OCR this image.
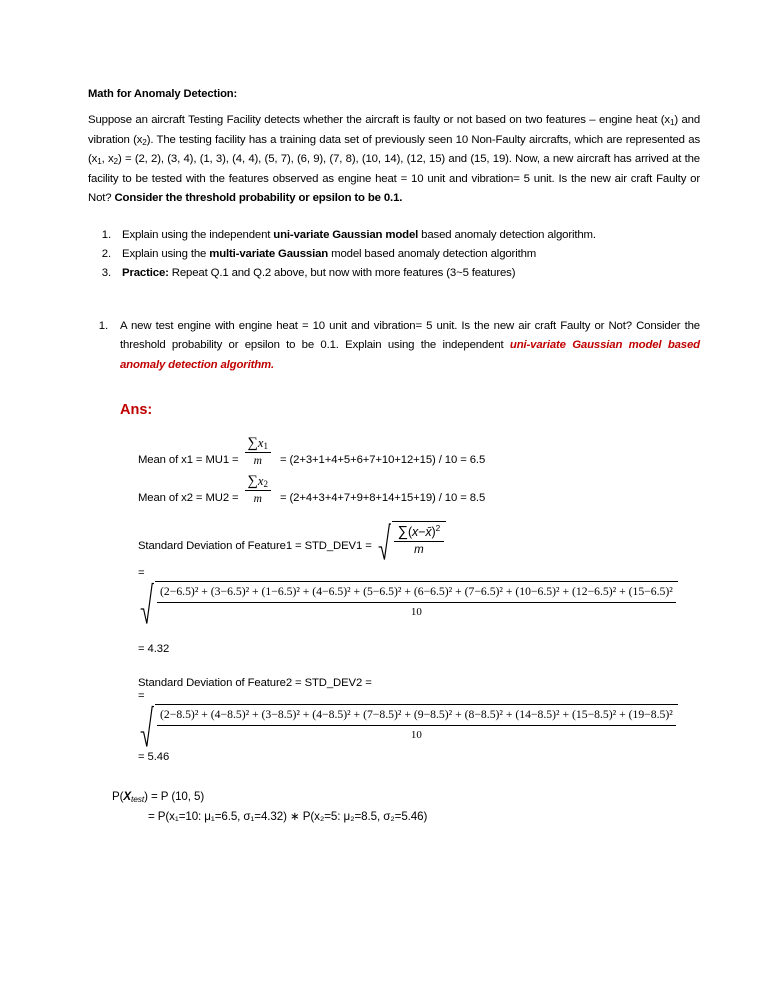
Math for Anomaly Detection:

Suppose an aircraft Testing Facility detects whether the aircraft is faulty or not based on two features – engine heat $(x_1)$ and vibration $(x_2)$. The testing facility has a training data set of previously seen 10 Non-Faulty aircrafts, which are represented as ($x_1$, $x_2) = (2$, 2), (3, 4), (1, 3), (4, 4), (5, 7), (6, 9), (7, 8), (10, 14), (12, 15) and (15, 19). Now, a new aircraft has arrived at the facility to be tested with the features observed as engine heat = 10 unit and vibration= 5 unit. Is the new air craft Faulty or Not? Consider the threshold probability or epsilon to be 0.1.

1. Explain using the independent uni-variate Gaussian model based anomaly detection algorithm.
2. Explain using the multi-variate Gaussian model based anomaly detection algorithm
3. Practice: Repeat Q.1 and Q.2 above, but now with more features (3~5 features)
1. A new test engine with engine heat = 10 unit and vibration= 5 unit. Is the new air craft Faulty or Not? Consider the threshold probability or epsilon to be 0.1. Explain using the independent uni-variate Gaussian model based anomaly detection algorithm.
Ans:
Mean of $x1 = MU1 = \frac{\sum x_1}{m} = (2+3+1+4+5+6+7+10+12+15) / 10 = 6.5$
Mean of $x2 = MU2 = \frac{\sum x_2}{m} = (2+4+3+4+7+9+8+14+15+19) / 10 = 8.5$
Standard Deviation of Feature1 = STD_DEV1 = $\frac{\sum(x-x̄)^2}{m}$
=
(2−6.5)² + (3−6.5)² + (1−6.5)² + (4−6.5)² + (5−6.5)² + (6−6.5)² + (7−6.5)² + (10−6.5)² + (12−6.5)² + (15−6.5)²
10
= 4.32
Standard Deviation of Feature2 = STD_DEV2 =
=
(2−8.5)² + (4−8.5)² + (3−8.5)² + (4−8.5)² + (7−8.5)² + (9−8.5)² + (8−8.5)² + (14−8.5)² + (15−8.5)² + (19−8.5)²
10
= 5.46
$P(X_{test}) = P$ (10, 5)
= P(x₁=10: μ₁=6.5, σ₁=4.32) ∗ P(x₂=5: μ₂=8.5, σ₂=5.46)
